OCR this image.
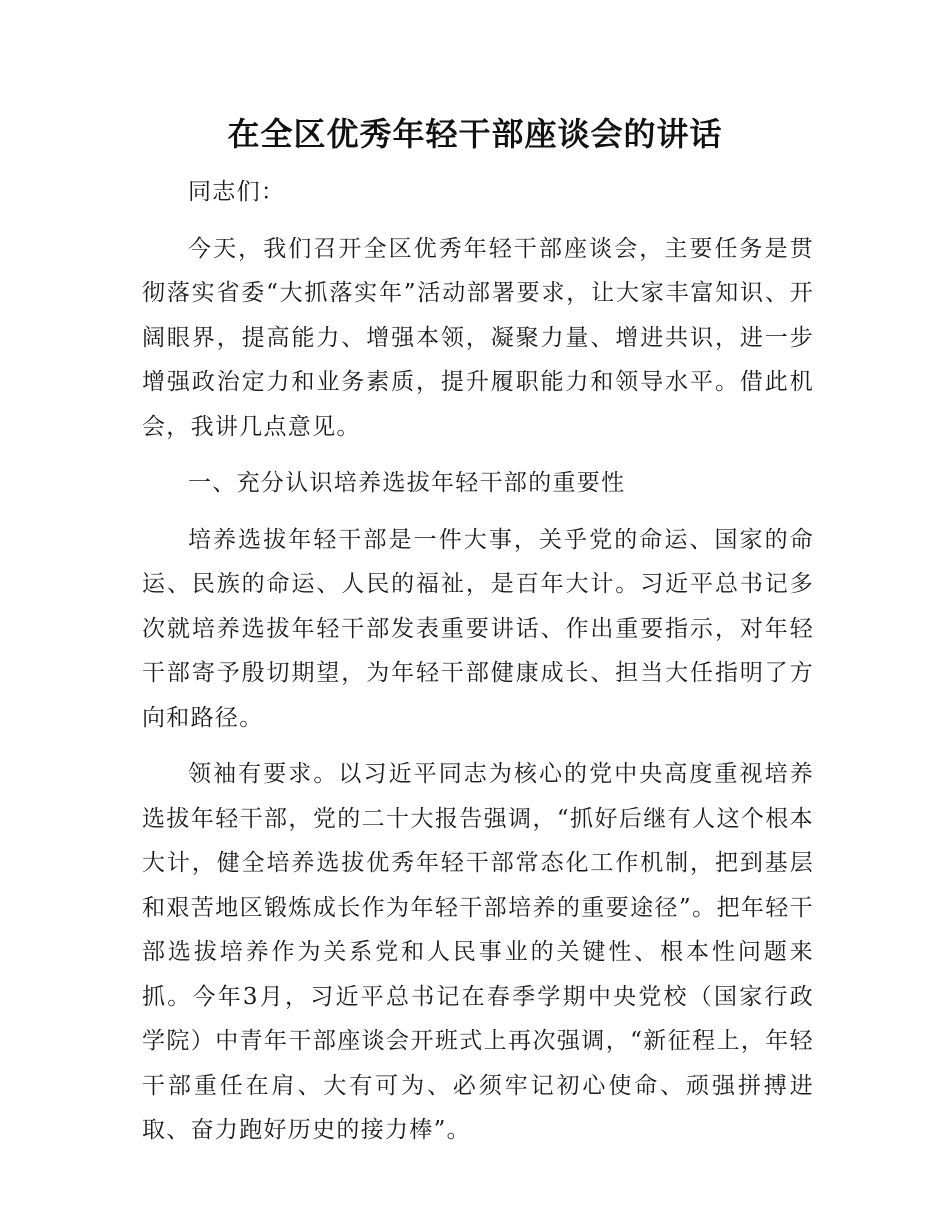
在全区优秀年轻干部座谈会的讲话

同志们：

今天，我们召开全区优秀年轻干部座谈会，主要任务是贯彻落实省委“大抓落实年”活动部署要求，让大家丰富知识、开阔眼界，提高能力、增强本领，凝聚力量、增进共识，进一步增强政治定力和业务素质，提升履职能力和领导水平。借此机会，我讲几点意见。

一、充分认识培养选拔年轻干部的重要性

培养选拔年轻干部是一件大事，关乎党的命运、国家的命运、民族的命运、人民的福祉，是百年大计。习近平总书记多次就培养选拔年轻干部发表重要讲话、作出重要指示，对年轻干部寄予殷切期望，为年轻干部健康成长、担当大任指明了方向和路径。

领袖有要求。以习近平同志为核心的党中央高度重视培养选拔年轻干部，党的二十大报告强调，“抓好后继有人这个根本大计，健全培养选拔优秀年轻干部常态化工作机制，把到基层和艰苦地区锻炼成长作为年轻干部培养的重要途径”。把年轻干部选拔培养作为关系党和人民事业的关键性、根本性问题来抓。今年3月，习近平总书记在春季学期中央党校（国家行政学院）中青年干部座谈会开班式上再次强调，“新征程上，年轻干部重任在肩、大有可为、必须牢记初心使命、顽强拼搏进取、奋力跑好历史的接力棒”。
